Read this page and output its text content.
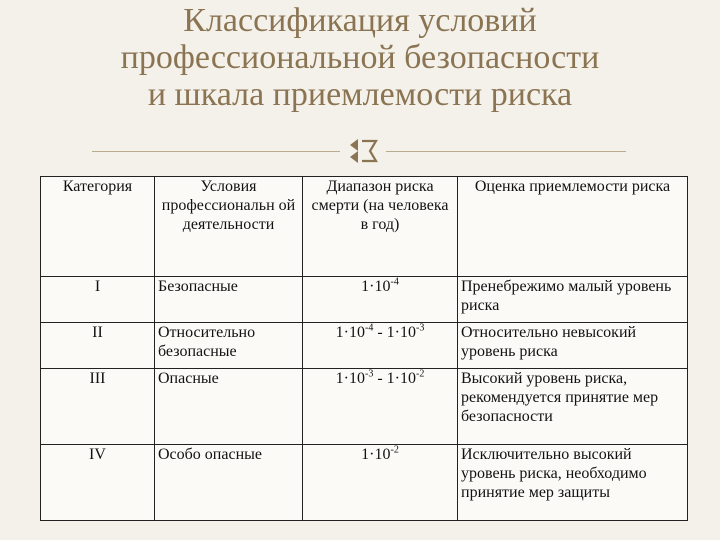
Классификация условий
профессиональной безопасности
и шкала приемлемости риска
Категория	Условия профессиональн ой деятельности	Диапазон риска смерти (на человека в год)	Оценка приемлемости риска
I	Безопасные	$1\cdot 10^{-4}$	Пренебрежимо малый уровень риска
II	Относительно безопасные	$1\cdot 10^{-4} - 1\cdot 10^{-3}$	Относительно невысокий уровень риска
III	Опасные	$1\cdot 10^{-3} - 1\cdot 10^{-2}$	Высокий уровень риска, рекомендуется принятие мер безопасности
IV	Особо опасные	$1\cdot 10^{-2}$	Исключительно высокий уровень риска, необходимо принятие мер защиты
